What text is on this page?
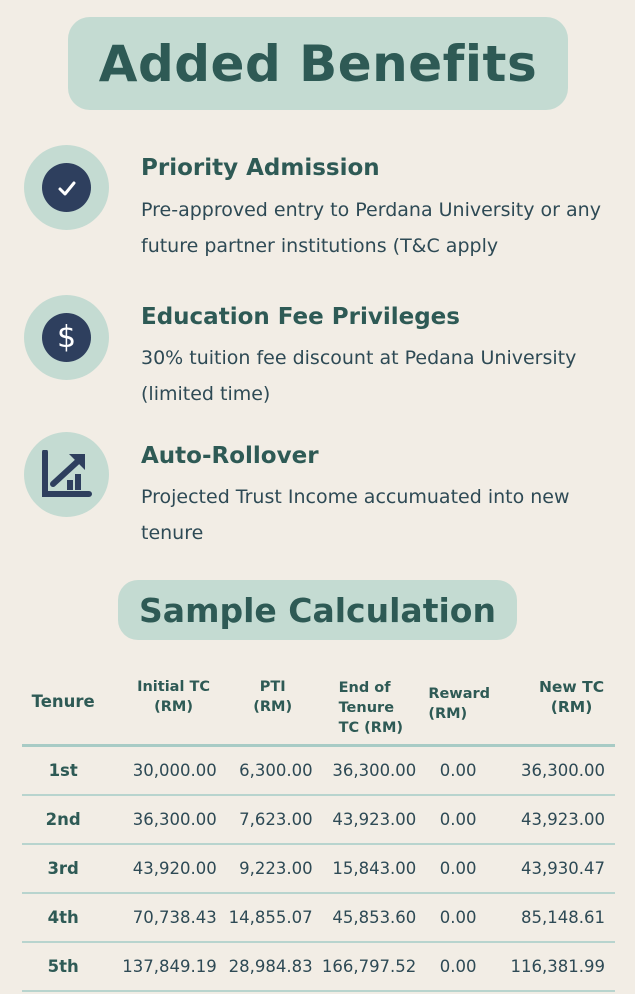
Added Benefits
Priority Admission
Pre-approved entry to Perdana University or any future partner institutions (T&C apply
$
Education Fee Privileges
30% tuition fee discount at Pedana University (limited time)
Auto-Rollover
Projected Trust Income accumuated into new tenure
Sample Calculation
Tenure	Initial TC (RM)	PTI (RM)	End of Tenure TC (RM)	Reward (RM)	New TC (RM)
1st	30,000.00	6,300.00	36,300.00	0.00	36,300.00
2nd	36,300.00	7,623.00	43,923.00	0.00	43,923.00
3rd	43,920.00	9,223.00	15,843.00	0.00	43,930.47
4th	70,738.43	14,855.07	45,853.60	0.00	85,148.61
5th	137,849.19	28,984.83	166,797.52	0.00	116,381.99
